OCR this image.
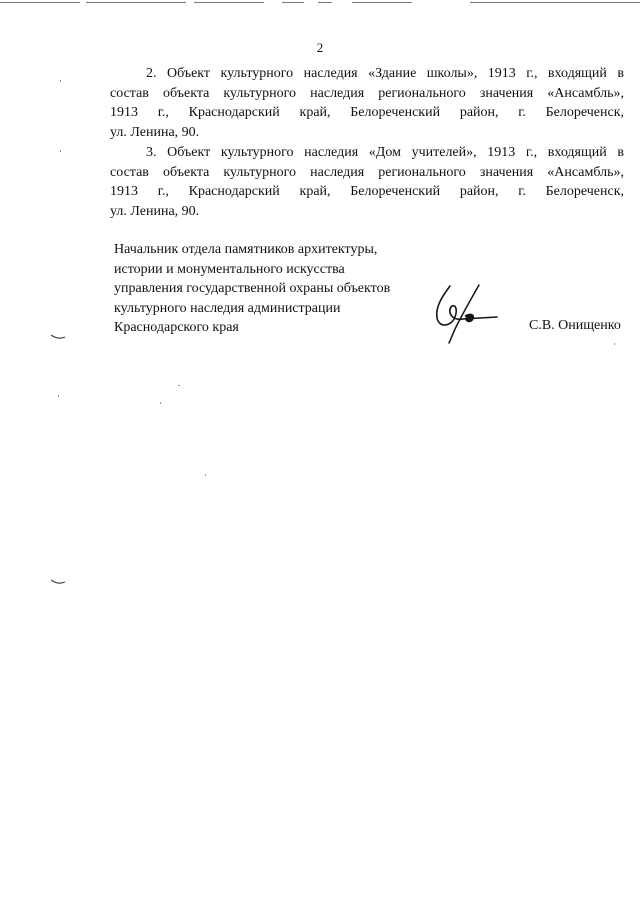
2
2. Объект культурного наследия «Здание школы», 1913 г., входящий в
состав объекта культурного наследия регионального значения «Ансамбль»,
1913 г., Краснодарский край, Белореченский район, г. Белореченск,
ул. Ленина, 90.
3. Объект культурного наследия «Дом учителей», 1913 г., входящий в
состав объекта культурного наследия регионального значения «Ансамбль»,
1913 г., Краснодарский край, Белореченский район, г. Белореченск,
ул. Ленина, 90.
Начальник отдела памятников архитектуры,
истории и монументального искусства
управления государственной охраны объектов
культурного наследия администрации
Краснодарского края	С.В. Онищенко
